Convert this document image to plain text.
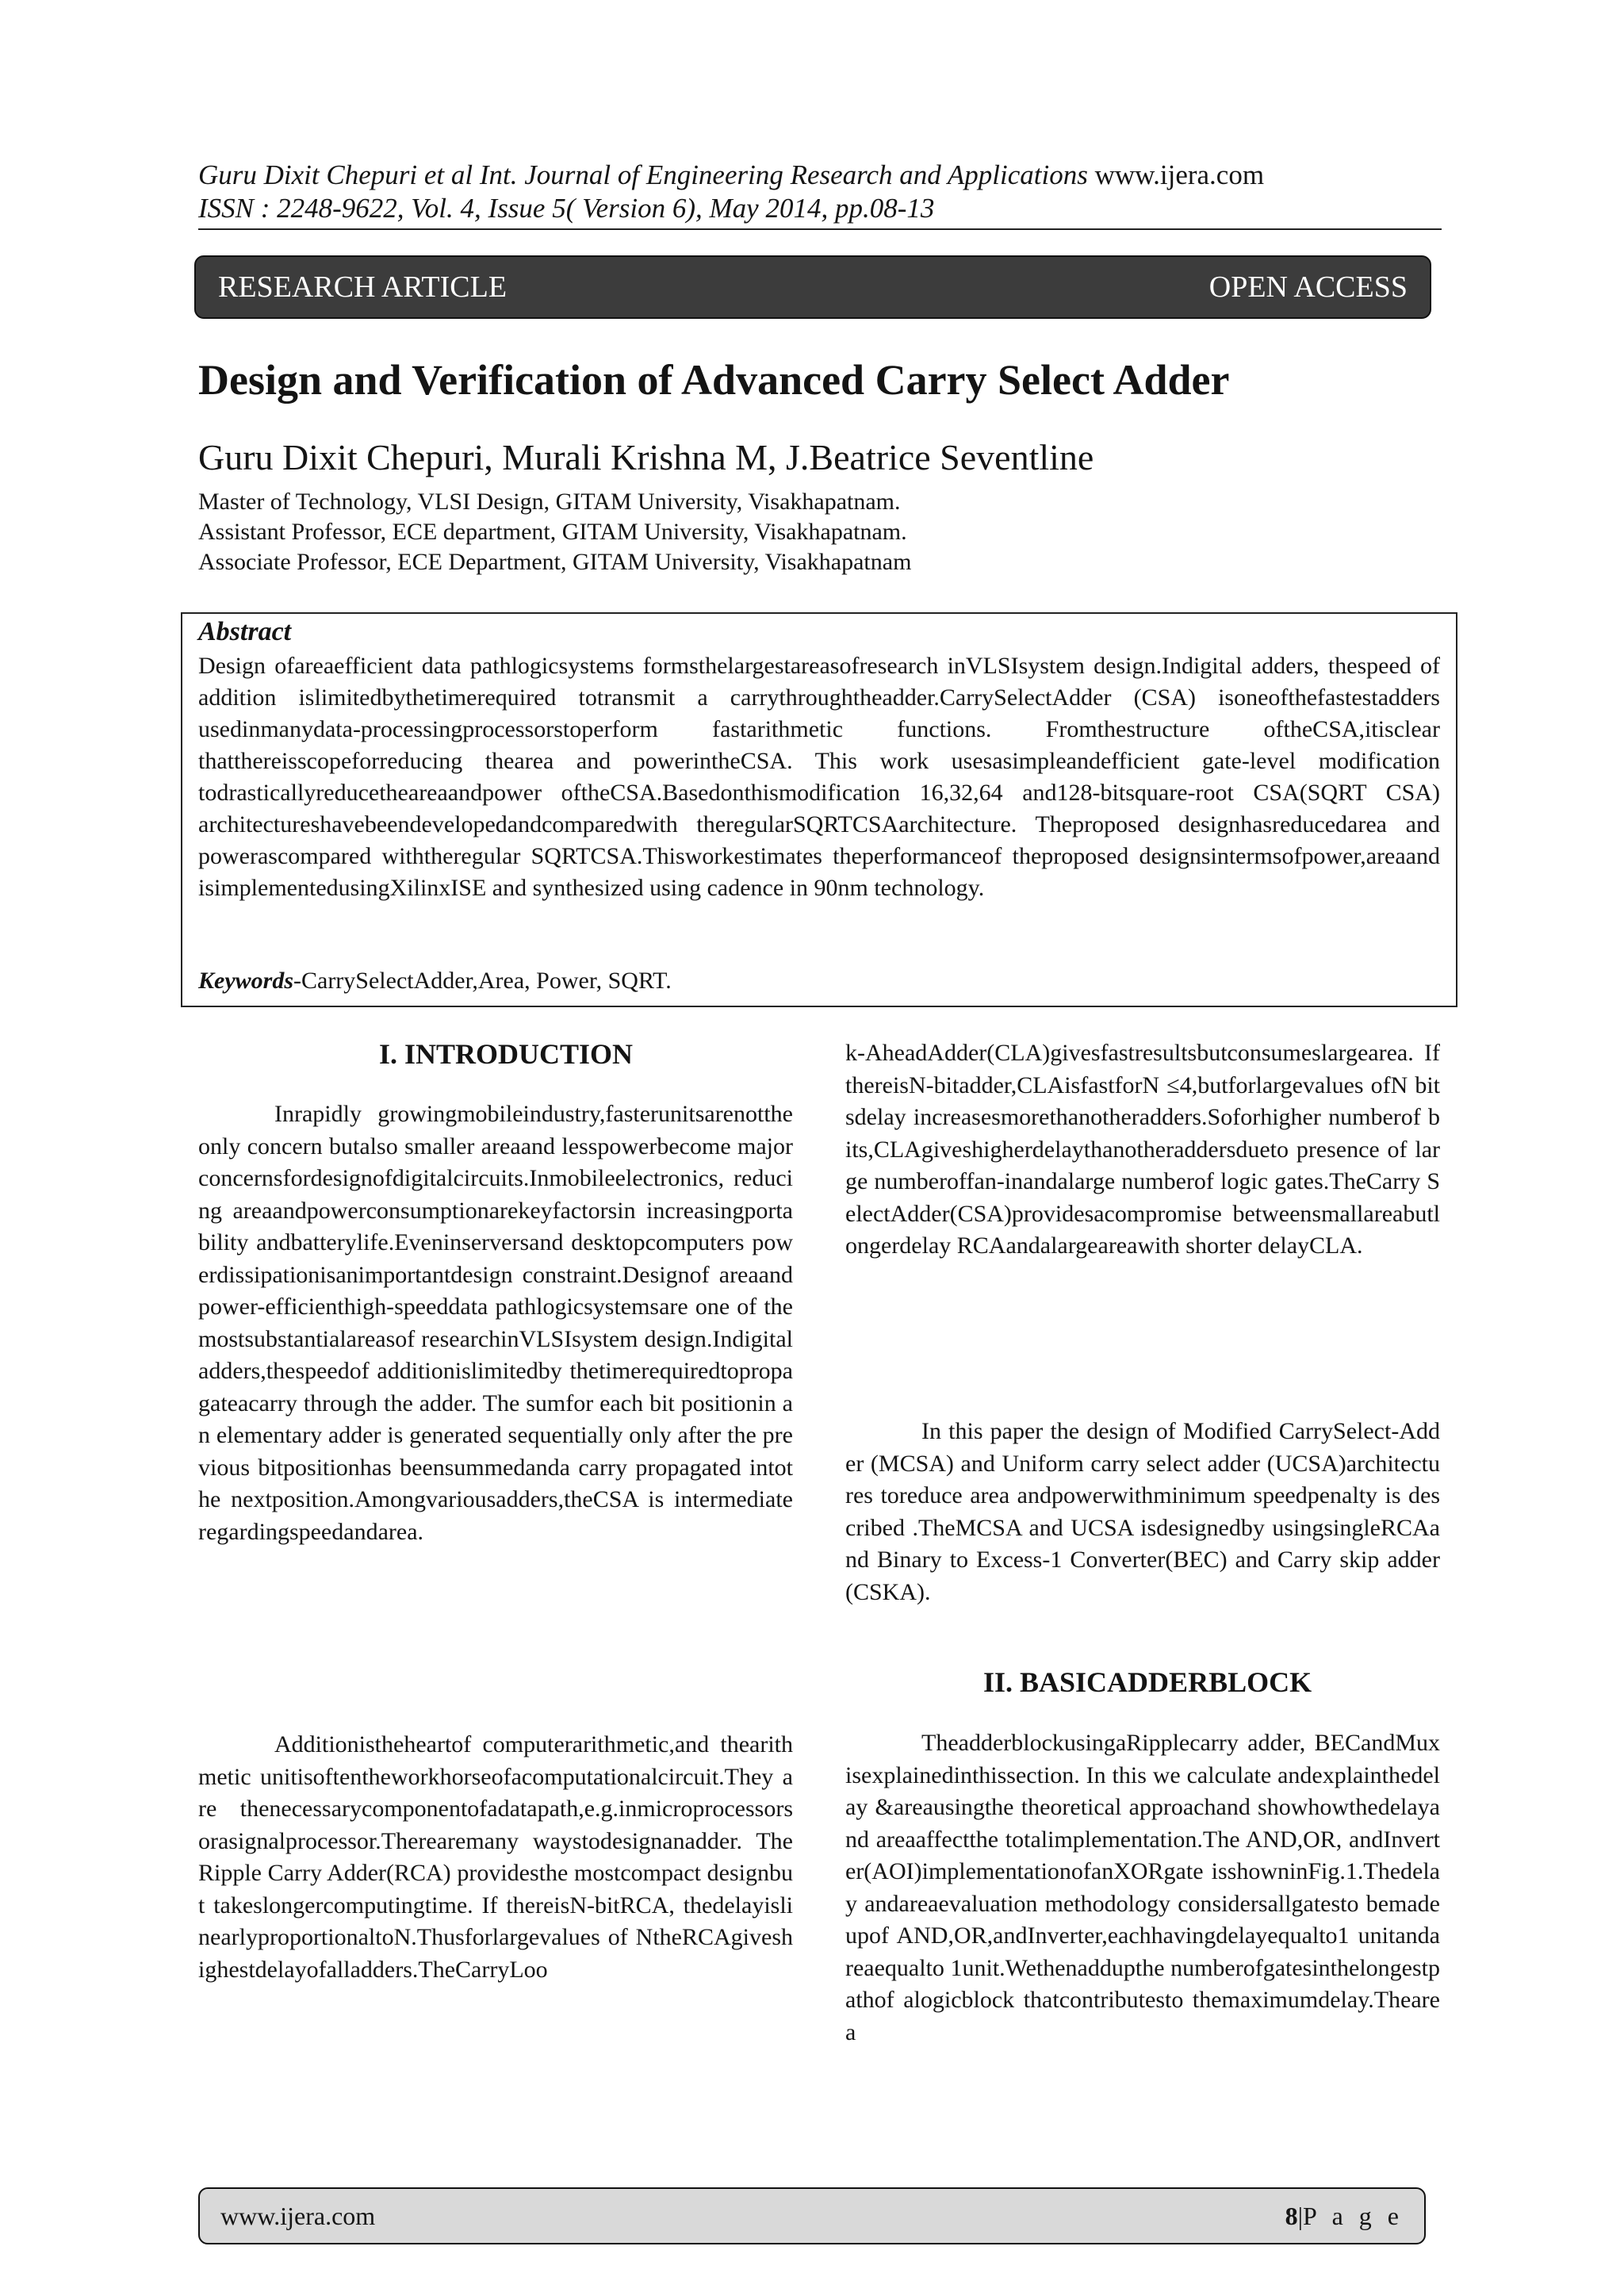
Guru Dixit Chepuri et al Int. Journal of Engineering Research and Applications www.ijera.com
ISSN : 2248-9622, Vol. 4, Issue 5( Version 6), May 2014, pp.08-13
RESEARCH ARTICLE	OPEN ACCESS
Design and Verification of Advanced Carry Select Adder
Guru Dixit Chepuri, Murali Krishna M, J.Beatrice Seventline
Master of Technology, VLSI Design, GITAM University, Visakhapatnam.
Assistant Professor, ECE department, GITAM University, Visakhapatnam.
Associate Professor, ECE Department, GITAM University, Visakhapatnam
Abstract

Design ofareaefficient data pathlogicsystems formsthelargestareasofresearch inVLSIsystem design.Indigital adders, thespeed of addition islimitedbythetimerequired totransmit a carrythroughtheadder.CarrySelectAdder (CSA) isoneofthefastestadders usedinmanydata-processingprocessorstoperform fastarithmetic functions. Fromthestructure oftheCSA,itisclear thatthereisscopeforreducing thearea and powerintheCSA. This work usesasimpleandefficient gate-level modification todrasticallyreducetheareaandpower oftheCSA.Basedonthismodification 16,32,64 and128-bitsquare-root CSA(SQRT CSA) architectureshavebeendevelopedandcomparedwith theregularSQRTCSAarchitecture. Theproposed designhasreducedarea and powerascompared withtheregular SQRTCSA.Thisworkestimates theperformanceof theproposed designsintermsofpower,areaand isimplementedusingXilinxISE and synthesized using cadence in 90nm technology.

Keywords-CarrySelectAdder,Area, Power, SQRT.
I. INTRODUCTION

Inrapidly growingmobileindustry,fasterunitsarenottheonly concern butalso smaller areaand lesspowerbecome majorconcernsfordesignofdigitalcircuits.Inmobileelectronics, reducing areaandpowerconsumptionarekeyfactorsin increasingportability andbatterylife.Eveninserversand desktopcomputers powerdissipationisanimportantdesign constraint.Designof areaandpower-efficienthigh-speeddata pathlogicsystemsare one of themostsubstantialareasof researchinVLSIsystem design.Indigitaladders,thespeedof additionislimitedby thetimerequiredtopropagateacarry through the adder. The sumfor each bit positionin an elementary adder is generated sequentially only after the previous bitpositionhas beensummedanda carry propagated intothe nextposition.Amongvariousadders,theCSA is intermediate regardingspeedandarea.

Additionistheheartof computerarithmetic,and thearithmetic unitisoftentheworkhorseofacomputationalcircuit.They are thenecessarycomponentofadatapath,e.g.inmicroprocessors orasignalprocessor.Therearemany waystodesignanadder. The Ripple Carry Adder(RCA) providesthe mostcompact designbut takeslongercomputingtime. If thereisN-bitRCA, thedelayislinearlyproportionaltoN.Thusforlargevalues of NtheRCAgiveshighestdelayofalladders.TheCarryLoo

k-AheadAdder(CLA)givesfastresultsbutconsumeslargearea. IfthereisN-bitadder,CLAisfastforN ≤4,butforlargevalues ofN bitsdelay increasesmorethanotheradders.Soforhigher numberof bits,CLAgiveshigherdelaythanotheraddersdueto presence of large numberoffan-inandalarge numberof logic gates.TheCarry SelectAdder(CSA)providesacompromise betweensmallareabutlongerdelay RCAandalargeareawith shorter delayCLA.

In this paper the design of Modified CarrySelect-Adder (MCSA) and Uniform carry select adder (UCSA)architectures toreduce area andpowerwithminimum speedpenalty is described .TheMCSA and UCSA isdesignedby usingsingleRCAand Binary to Excess-1 Converter(BEC) and Carry skip adder (CSKA).

II. BASICADDERBLOCK

TheadderblockusingaRipplecarry adder, BECandMuxisexplainedinthissection. In this we calculate andexplainthedelay &areausingthe theoretical approachand showhowthedelayand areaaffectthe totalimplementation.The AND,OR, andInverter(AOI)implementationofanXORgate isshowninFig.1.Thedelay andareaevaluation methodology considersallgatesto bemadeupof AND,OR,andInverter,eachhavingdelayequalto1 unitandareaequalto 1unit.Wethenaddupthe numberofgatesinthelongestpathof alogicblock thatcontributesto themaximumdelay.Thearea

www.ijera.com	8|P a g e
